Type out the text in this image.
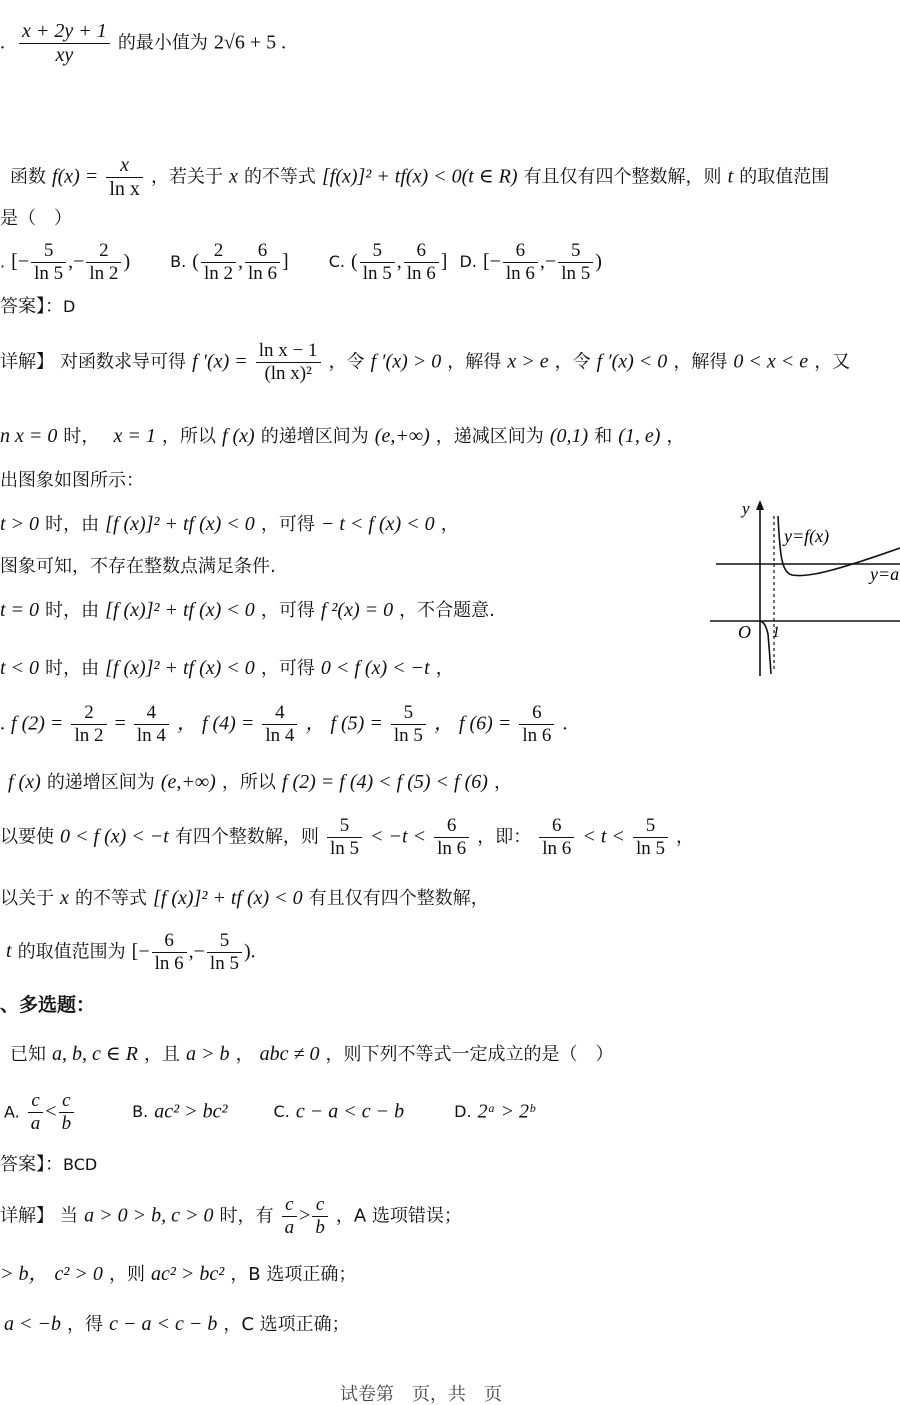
. $\frac{x + 2y + 1}{xy}$ 的最小值为 2√6 + 5 .
函数 $f(x) = \frac{x}{\text{ln x}}$ ，若关于 x 的不等式 [f(x)]² + tf(x) < 0(t ∈ R) 有且仅有四个整数解，则 t 的取值范围
是（　）
. [− $\frac{5}{\ln 5}$ ,− $\frac{2}{\ln 2}$ )	B. ( $\frac{2}{\ln 2}$ , $\frac{6}{\ln 6}$ ]	C. ( $\frac{5}{\ln 5}$ , $\frac{6}{\ln 6}$ ] D. [− $\frac{6}{\ln 6}$ ,− $\frac{5}{\ln 5}$ )
答案】：D
详解】 对函数求导可得 f $'(x) = \frac{\text{ln x − 1}}{\text{(ln x)²}}$ ，令 f ′(x) > 0 ，解得 x > e ，令 f ′(x) < 0 ，解得 0 < x < e ，又
n x = 0 时， x = 1 ，所以 f (x) 的递增区间为 (e,+∞) ，递减区间为 (0,1) 和 (1, e) ，
出图象如图所示：
t > 0 时，由 [f (x)]² + tf (x) < 0 ，可得 − t < f (x) < 0 ，
图象可知，不存在整数点满足条件.
t = 0 时，由 [f (x)]² + tf (x) < 0 ，可得 f ²(x) = 0 ，不合题意.
t < 0 时，由 [f (x)]² + tf (x) < 0 ，可得 0 < f (x) < −t ，
. f $(2) = \frac{2}{\ln 2} = \frac{4}{\ln 4}$ ， f $(4) = \frac{4}{\ln 4}$ ， f $(5) = \frac{5}{\ln 5}$ ， f $(6) = \frac{6}{\ln 6}$ .
f (x) 的递增区间为 (e,+∞) ，所以 f (2) = f (4) < f (5) < f (6) ，
以要使 0 < f (x) < −t 有四个整数解，则 $\frac{5}{\ln 5} < -t < \frac{6}{\ln 6}$ ，即： $\frac{6}{\ln 6} < t < \frac{5}{\ln 5}$ ，
以关于 x 的不等式 [f (x)]² + tf (x) < 0 有且仅有四个整数解，
t 的取值范围为 [− $\frac{6}{\ln 6}$ ,− $\frac{5}{\ln 5}$ ).
y
y=f(x)
y=a
O 1
、多选题：
已知 a, b, c ∈ R ，且 a > b ， abc ≠ 0 ，则下列不等式一定成立的是（　）
A. $\frac{c}{a} < \frac{c}{b}$	B. ac² > bc²	C. c − a < c − b	D. 2ᵃ > 2ᵇ
答案】：BCD
详解】 当 a > 0 > b, c > 0 时，有 $\frac{c}{a} > \frac{c}{b}$ ，A 选项错误；
> b， c² > 0 ，则 ac² > bc² ，B 选项正确；
a < −b ，得 c − a < c − b ，C 选项正确；
试卷第　页，共　页
